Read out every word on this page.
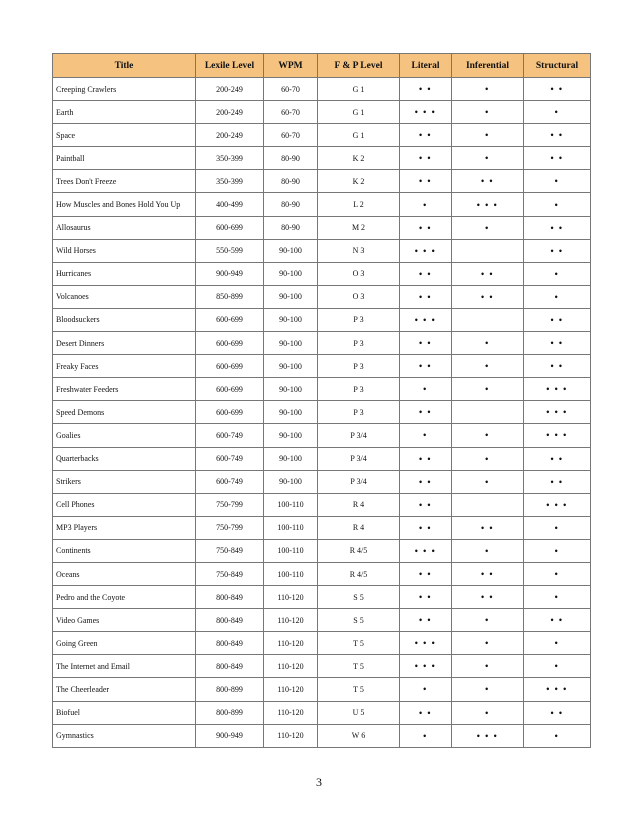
Title	Lexile Level	WPM	F & P Level	Literal	Inferential	Structural
Creeping Crawlers	200-249	60-70	G 1	• •	•	• •
Earth	200-249	60-70	G 1	• • •	•	•
Space	200-249	60-70	G 1	• •	•	• •
Paintball	350-399	80-90	K 2	• •	•	• •
Trees Don't Freeze	350-399	80-90	K 2	• •	• •	•
How Muscles and Bones Hold You Up	400-499	80-90	L 2	•	• • •	•
Allosaurus	600-699	80-90	M 2	• •	•	• •
Wild Horses	550-599	90-100	N 3	• • •		• •
Hurricanes	900-949	90-100	O 3	• •	• •	•
Volcanoes	850-899	90-100	O 3	• •	• •	•
Bloodsuckers	600-699	90-100	P 3	• • •		• •
Desert Dinners	600-699	90-100	P 3	• •	•	• •
Freaky Faces	600-699	90-100	P 3	• •	•	• •
Freshwater Feeders	600-699	90-100	P 3	•	•	• • •
Speed Demons	600-699	90-100	P 3	• •		• • •
Goalies	600-749	90-100	P 3/4	•	•	• • •
Quarterbacks	600-749	90-100	P 3/4	• •	•	• •
Strikers	600-749	90-100	P 3/4	• •	•	• •
Cell Phones	750-799	100-110	R 4	• •		• • •
MP3 Players	750-799	100-110	R 4	• •	• •	•
Continents	750-849	100-110	R 4/5	• • •	•	•
Oceans	750-849	100-110	R 4/5	• •	• •	•
Pedro and the Coyote	800-849	110-120	S 5	• •	• •	•
Video Games	800-849	110-120	S 5	• •	•	• •
Going Green	800-849	110-120	T 5	• • •	•	•
The Internet and Email	800-849	110-120	T 5	• • •	•	•
The Cheerleader	800-899	110-120	T 5	•	•	• • •
Biofuel	800-899	110-120	U 5	• •	•	• •
Gymnastics	900-949	110-120	W 6	•	• • •	•
3
